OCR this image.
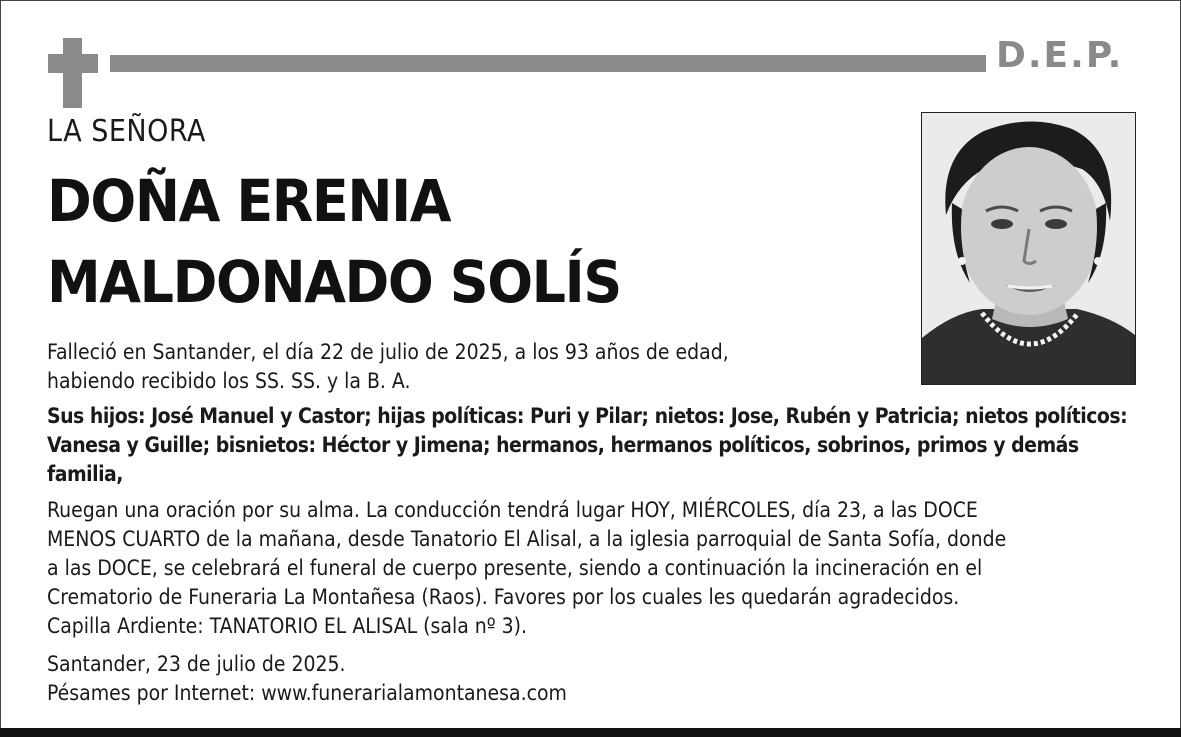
D.E.P.
LA SEÑORA
DOÑA ERENIA
MALDONADO SOLÍS
Falleció en Santander, el día 22 de julio de 2025, a los 93 años de edad,
habiendo recibido los SS. SS. y la B. A.
Sus hijos: José Manuel y Castor; hijas políticas: Puri y Pilar; nietos: Jose, Rubén y Patricia; nietos políticos: Vanesa y Guille; bisnietos: Héctor y Jimena; hermanos, hermanos políticos, sobrinos, primos y demás familia,
Ruegan una oración por su alma. La conducción tendrá lugar HOY, MIÉRCOLES, día 23, a las DOCE
MENOS CUARTO de la mañana, desde Tanatorio El Alisal, a la iglesia parroquial de Santa Sofía, donde
a las DOCE, se celebrará el funeral de cuerpo presente, siendo a continuación la incineración en el
Crematorio de Funeraria La Montañesa (Raos). Favores por los cuales les quedarán agradecidos.
Capilla Ardiente: TANATORIO EL ALISAL (sala nº 3).
Santander, 23 de julio de 2025.
Pésames por Internet: www.funerarialamontanesa.com
